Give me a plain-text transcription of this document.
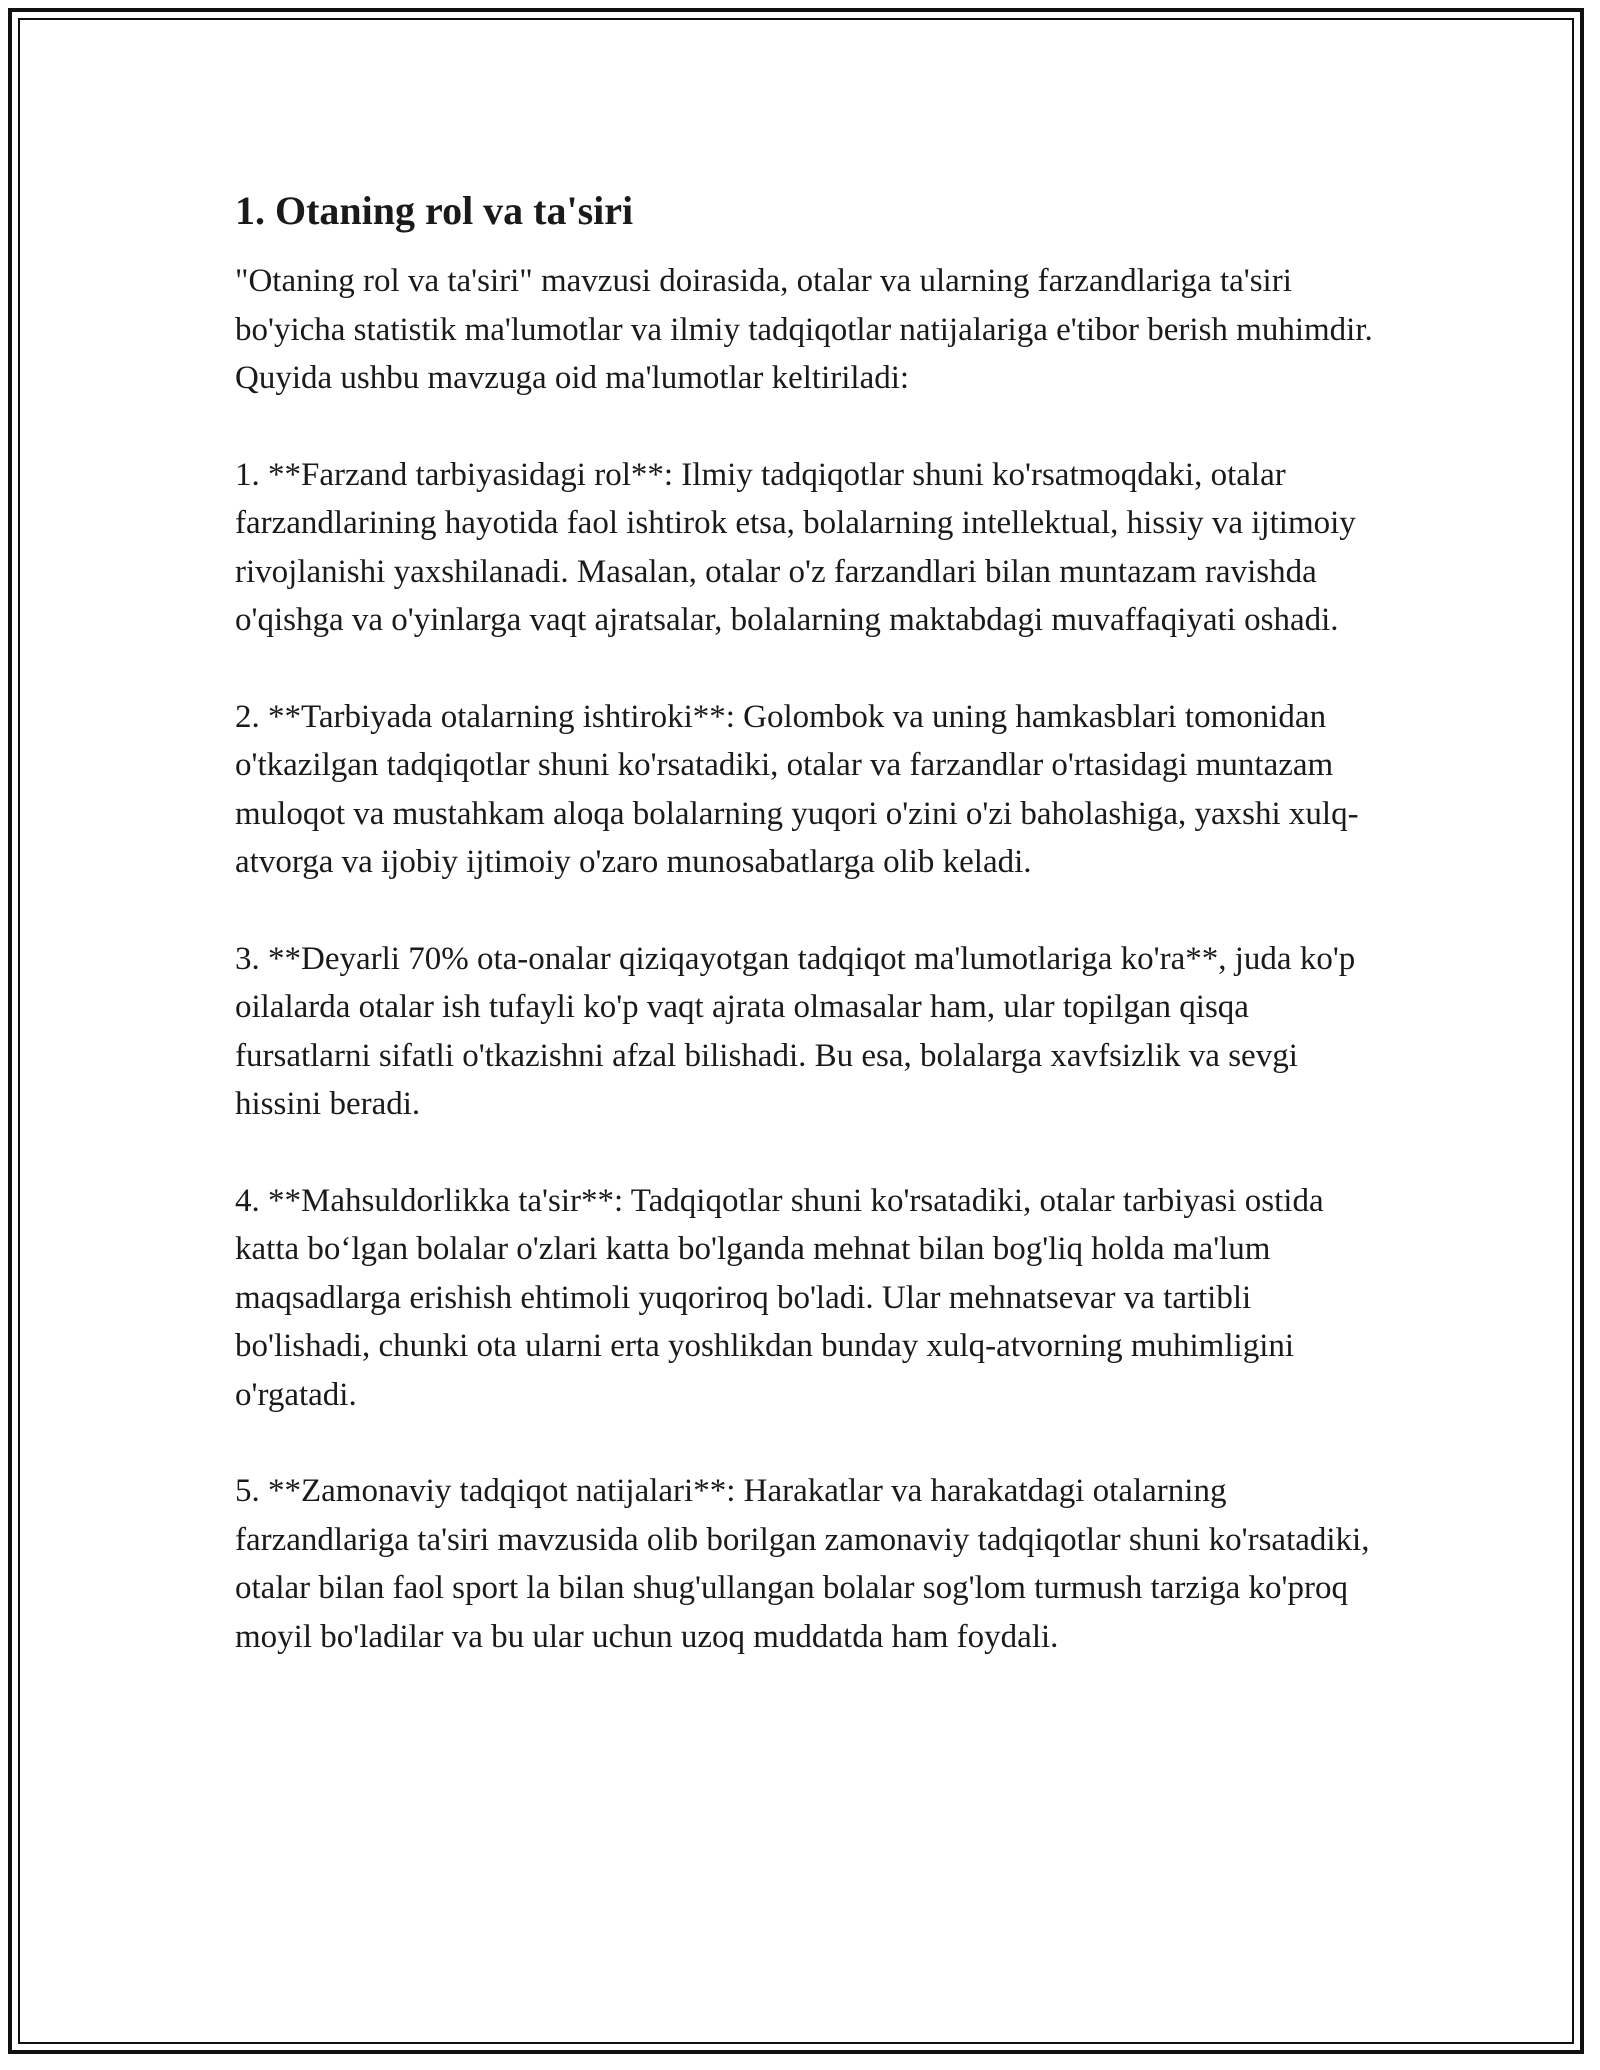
1. Otaning rol va ta'siri

"Otaning rol va ta'siri" mavzusi doirasida, otalar va ularning farzandlariga ta'siri bo'yicha statistik ma'lumotlar va ilmiy tadqiqotlar natijalariga e'tibor berish muhimdir. Quyida ushbu mavzuga oid ma'lumotlar keltiriladi:

1. **Farzand tarbiyasidagi rol**: Ilmiy tadqiqotlar shuni ko'rsatmoqdaki, otalar farzandlarining hayotida faol ishtirok etsa, bolalarning intellektual, hissiy va ijtimoiy rivojlanishi yaxshilanadi. Masalan, otalar o'z farzandlari bilan muntazam ravishda o'qishga va o'yinlarga vaqt ajratsalar, bolalarning maktabdagi muvaffaqiyati oshadi.

2. **Tarbiyada otalarning ishtiroki**: Golombok va uning hamkasblari tomonidan o'tkazilgan tadqiqotlar shuni ko'rsatadiki, otalar va farzandlar o'rtasidagi muntazam muloqot va mustahkam aloqa bolalarning yuqori o'zini o'zi baholashiga, yaxshi xulq-atvorga va ijobiy ijtimoiy o'zaro munosabatlarga olib keladi.

3. **Deyarli 70% ota-onalar qiziqayotgan tadqiqot ma'lumotlariga ko'ra**, juda ko'p oilalarda otalar ish tufayli ko'p vaqt ajrata olmasalar ham, ular topilgan qisqa fursatlarni sifatli o'tkazishni afzal bilishadi. Bu esa, bolalarga xavfsizlik va sevgi hissini beradi.

4. **Mahsuldorlikka ta'sir**: Tadqiqotlar shuni ko'rsatadiki, otalar tarbiyasi ostida katta bo‘lgan bolalar o'zlari katta bo'lganda mehnat bilan bog'liq holda ma'lum maqsadlarga erishish ehtimoli yuqoriroq bo'ladi. Ular mehnatsevar va tartibli bo'lishadi, chunki ota ularni erta yoshlikdan bunday xulq-atvorning muhimligini o'rgatadi.

5. **Zamonaviy tadqiqot natijalari**: Harakatlar va harakatdagi otalarning farzandlariga ta'siri mavzusida olib borilgan zamonaviy tadqiqotlar shuni ko'rsatadiki, otalar bilan faol sport la bilan shug'ullangan bolalar sog'lom turmush tarziga ko'proq moyil bo'ladilar va bu ular uchun uzoq muddatda ham foydali.
